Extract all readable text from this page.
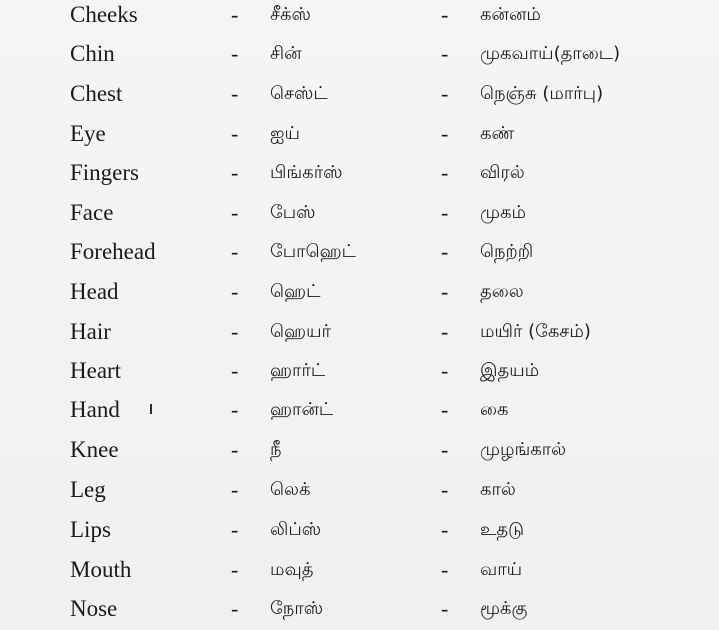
Cheeks	- சீக்ஸ்	- கன்னம்
Chin	- சின்	- முகவாய்(தாடை)
Chest	- செஸ்ட்	- நெஞ்சு (மார்பு)
Eye	- ஐய்	- கண்
Fingers	- பிங்கர்ஸ்	- விரல்
Face	- பேஸ்	- முகம்
Forehead	- போஹெட்	- நெற்றி
Head	- ஹெட்	- தலை
Hair	- ஹெயர்	- மயிர் (கேசம்)
Heart	- ஹார்ட்	- இதயம்
Hand	- ஹான்ட்	- கை
Knee	- நீ	- முழங்கால்
Leg	- லெக்	- கால்
Lips	- லிப்ஸ்	- உதடு
Mouth	- மவுத்	- வாய்
Nose	- நோஸ்	- மூக்கு
